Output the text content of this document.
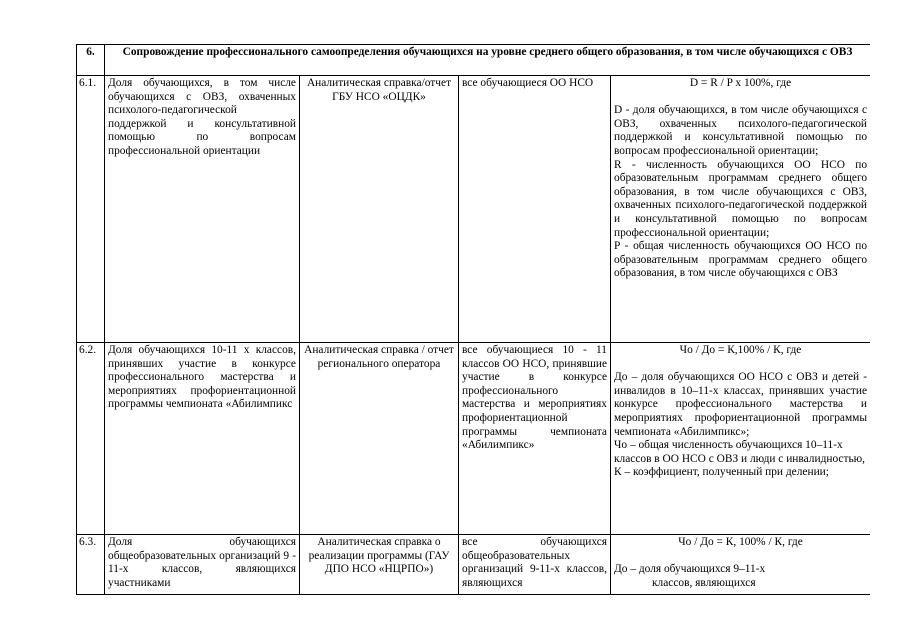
6.	Сопровождение профессионального самоопределения обучающихся на уровне среднего общего образования, в том числе обучающихся с ОВЗ			
6.1.	Доля обучающихся, в том числе обучающихся с ОВЗ, охваченных психолого-педагогической поддержкой и консультативной помощью по вопросам профессиональной ориентации	Аналитическая справка/отчет ГБУ НСО «ОЦДК»	все обучающиеся ОО НСО	D = R / P x 100%, где

D - доля обучающихся, в том числе обучающихся с ОВЗ, охваченных психолого-педагогической поддержкой и консультативной помощью по вопросам профессиональной ориентации;

R - численность обучающихся ОО НСО по образовательным программам среднего общего образования, в том числе обучающихся с ОВЗ, охваченных психолого-педагогической поддержкой и консультативной помощью по вопросам профессиональной ориентации;

P - общая численность обучающихся ОО НСО по образовательным программам среднего общего образования, в том числе обучающихся с ОВЗ

6.2.	Доля обучающихся 10-11 х классов, принявших участие в конкурсе профессионального мастерства и мероприятиях профориентационной программы чемпионата «Абилимпикс	Аналитическая справка / отчет регионального оператора	все обучающиеся 10 - 11 классов ОО НСО, принявшие участие в конкурсе профессионального мастерства и мероприятиях профориентационной программы чемпионата «Абилимпикс»	Чо / До = К,100% / К, где

До – доля обучающихся ОО НСО с ОВЗ и детей - инвалидов в 10–11-х классах, принявших участие конкурсе профессионального мастерства и мероприятиях профориентационной программы чемпионата «Абилимпикс»;

Чо – общая численность обучающихся 10–11-х

классов в ОО НСО с ОВЗ и люди с инвалидностью,

К – коэффициент, полученный при делении;

6.3.	Доля обучающихся общеобразовательных организаций 9 - 11-х классов, являющихся участниками	Аналитическая справка о реализации программы (ГАУ ДПО НСО «НЦРПО»)	все обучающихся общеобразовательных организаций 9-11-х классов, являющихся	Чо / До = К, 100% / К, где

До – доля обучающихся 9–11-х

классов, являющихся
